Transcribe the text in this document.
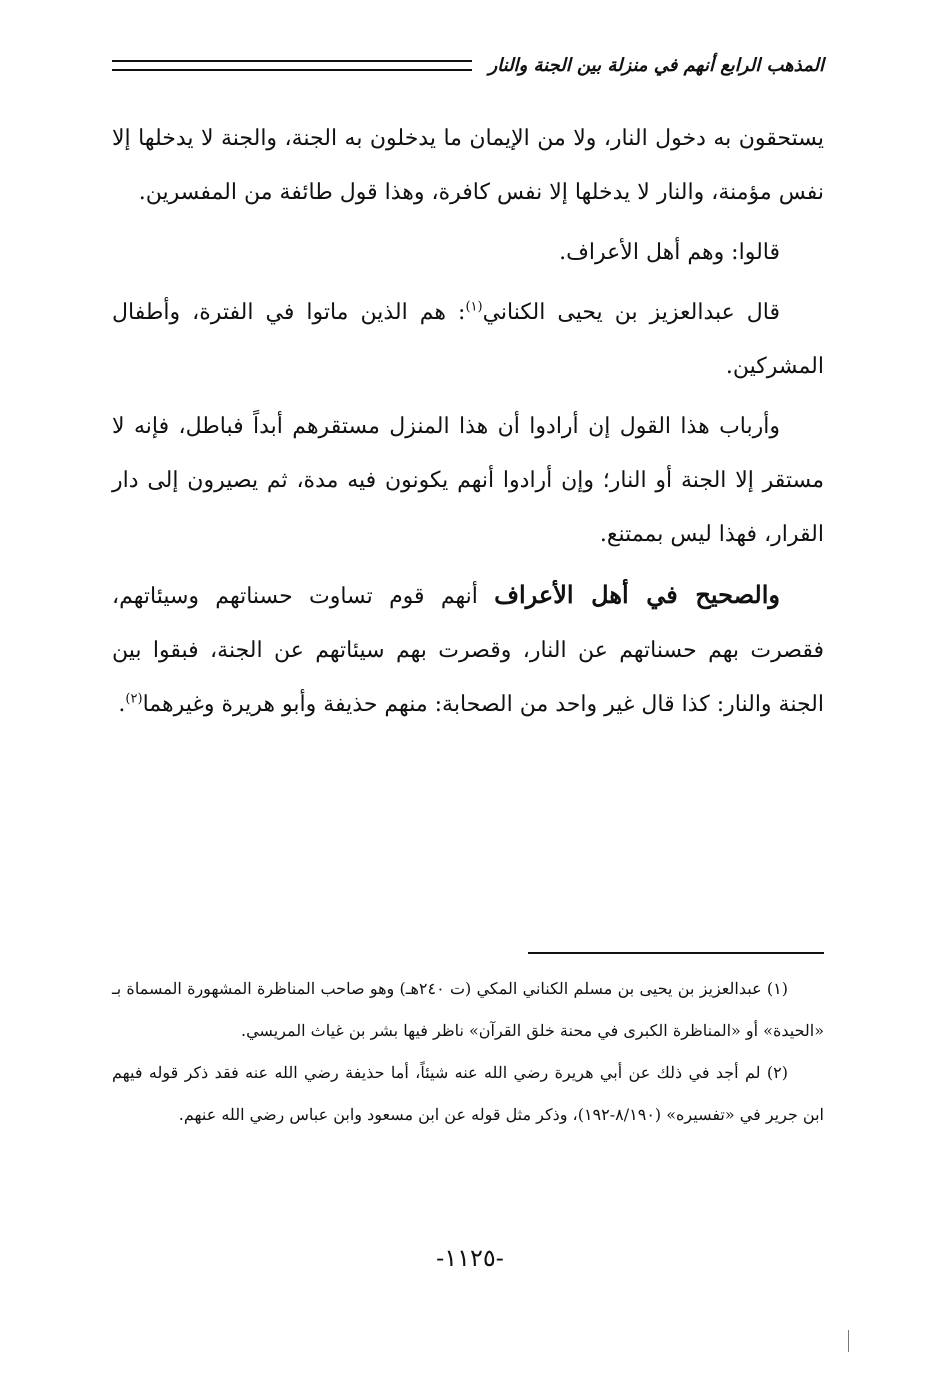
المذهب الرابع أنهم في منزلة بين الجنة والنار

يستحقون به دخول النار، ولا من الإيمان ما يدخلون به الجنة، والجنة لا يدخلها إلا نفس مؤمنة، والنار لا يدخلها إلا نفس كافرة، وهذا قول طائفة من المفسرين.

قالوا: وهم أهل الأعراف.

قال عبدالعزيز بن يحيى الكناني$^{(١)}$: هم الذين ماتوا في الفترة، وأطفال المشركين.

وأرباب هذا القول إن أرادوا أن هذا المنزل مستقرهم أبداً فباطل، فإنه لا مستقر إلا الجنة أو النار؛ وإن أرادوا أنهم يكونون فيه مدة، ثم يصيرون إلى دار القرار، فهذا ليس بممتنع.

والصحيح في أهل الأعراف أنهم قوم تساوت حسناتهم وسيئاتهم، فقصرت بهم حسناتهم عن النار، وقصرت بهم سيئاتهم عن الجنة، فبقوا بين الجنة والنار: كذا قال غير واحد من الصحابة: منهم حذيفة وأبو هريرة وغيرهما$^{(٢)}$.

(١) عبدالعزيز بن يحيى بن مسلم الكناني المكي (ت ٢٤٠هـ) وهو صاحب المناظرة المشهورة المسماة بـ «الحيدة» أو «المناظرة الكبرى في محنة خلق القرآن» ناظر فيها بشر بن غياث المريسي.

(٢) لم أجد في ذلك عن أبي هريرة رضي الله عنه شيئاً، أما حذيفة رضي الله عنه فقد ذكر قوله فيهم ابن جرير في «تفسيره» (٨/١٩٠-١٩٢)، وذكر مثل قوله عن ابن مسعود وابن عباس رضي الله عنهم.

-١١٢٥-
